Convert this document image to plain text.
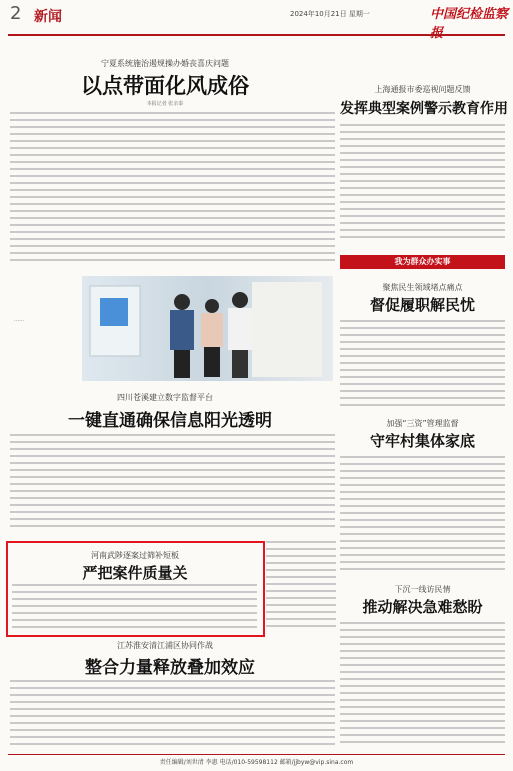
2 新闻	2024年10月21日 星期一	中国纪检监察
宁夏系统施治遏规操办婚丧喜庆问题
以点带面化风成俗
本报记者 张亲泰
上海通报市委巡视问题反馈
发挥典型案例警示教育作用
……
我为群众办实事
聚焦民生领域堵点痛点
督促履职解民忧
四川苍溪建立数字监督平台
一键直通确保信息阳光透明	加强“三资”管理监督
守牢村集体家底
河南武陟逐案过筛补短板
严把案件质量关
下沉一线访民情
推动解决急难愁盼
江苏淮安清江浦区协同作战
整合力量释放叠加效应
责任编辑/刘世清 李惠 电话/010-59598112 邮箱/jjbyw@vip.sina.com
